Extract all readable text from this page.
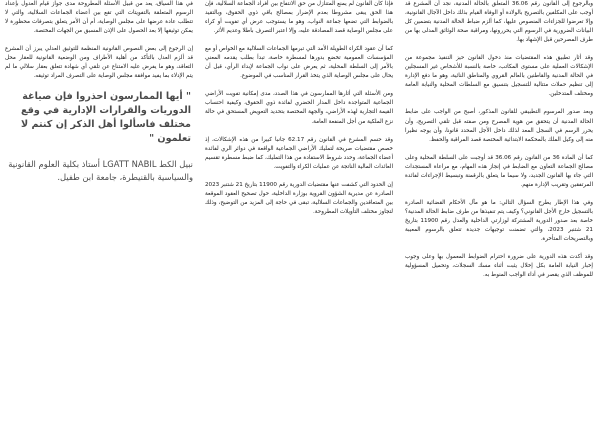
وبالرجوع إلى القانون رقم 36.06 المتعلق بالحالة المدنية، نجد أن المشرع قد أوجب على المكلفين بالتصريح بالولادة أو الوفاة القيام بذلك داخل الآجال القانونية، وإلا تعرضوا للجزاءات المنصوص عليها، كما ألزم ضباط الحالة المدنية بتضمين كل البيانات الضرورية في الرسوم التي يحررونها، ومراقبة صحة الوثائق المدلى بها من طرف المصرحين قبل الإشهاد بها.

وقد أثار تطبيق هذه المقتضيات منذ دخول القانون حيز التنفيذ مجموعة من الإشكالات العملية على مستوى المكاتب، خاصة بالنسبة للأشخاص غير المسجلين في الحالة المدنية والقاطنين بالعالم القروي والمناطق النائية، وهو ما دفع الإدارة إلى تنظيم حملات متتالية للتسجيل بتنسيق مع السلطات المحلية والنيابة العامة ومختلف المتدخلين.

وبعد صدور المرسوم التطبيقي للقانون المذكور، أصبح من الواجب على ضابط الحالة المدنية أن يتحقق من هوية المصرح ومن صفته قبل تلقي التصريح، وأن يحرر الرسم في السجل المعد لذلك داخل الأجل المحدد قانونا، وأن يوجه نظيرا منه إلى وكيل الملك بالمحكمة الابتدائية المختصة قصد المراقبة والحفظ.

كما أن المادة 36 من القانون رقم 36.06 قد أوجبت على السلطة المحلية وعلى مصالح الجماعة التعاون مع الضابط في إنجاز هذه المهام، مع مراعاة المستجدات التي جاء بها القانون الجديد، ولا سيما ما يتعلق بالرقمنة وتبسيط الإجراءات لفائدة المرتفقين وتقريب الإدارة منهم.

وفي هذا الإطار يطرح السؤال التالي: ما هو مآل الأحكام القضائية الصادرة بالتسجيل خارج الأجل القانوني؟ وكيف يتم تنفيذها من طرف ضابط الحالة المدنية؟ خاصة بعد صدور الدورية المشتركة لوزارتي الداخلية والعدل رقم 11900 بتاريخ 21 شتنبر 2023، والتي تضمنت توجيهات جديدة تتعلق بالرسوم المعيبة وبالتصريحات المتأخرة.

وقد أكدت هذه الدورية على ضرورة احترام الضوابط المعمول بها وعلى وجوب إخبار النيابة العامة بكل إخلال يثبت أثناء مسك السجلات، وتحميل المسؤولية للموظف الذي يقصر في أداء الواجب المنوط به.

فإذا كان القانون لم يمنع المتنازل من حق الانتفاع بين أفراد الجماعة السلالية، فإن هذا الحق يبقى مشروطا بعدم الإضرار بمصالح باقي ذوي الحقوق، وبالتقيد بالضوابط التي تضعها جماعة النواب، وهو ما يستوجب عرض أي تفويت أو كراء على مجلس الوصاية قصد المصادقة عليه، وإلا اعتبر التصرف باطلا وعديم الأثر.

كما أن عقود الكراء الطويلة الأمد التي تبرمها الجماعات السلالية مع الخواص أو مع المؤسسات العمومية تخضع بدورها لمسطرة خاصة، تبدأ بطلب يقدمه المعني بالأمر إلى السلطة المحلية، ثم يعرض على نواب الجماعة لإبداء الرأي، قبل أن يحال على مجلس الوصاية الذي يتخذ القرار المناسب في الموضوع.

ومن الأسئلة التي أثارها الممارسون في هذا الصدد، مدى إمكانية تفويت الأراضي الجماعية المتواجدة داخل المدار الحضري لفائدة ذوي الحقوق، وكيفية احتساب القيمة التجارية لهذه الأراضي، والجهة المختصة بتحديد التعويض المستحق في حالة نزع الملكية من أجل المنفعة العامة.

وقد حسم المشرع في القانون رقم 62.17 جانبا كبيرا من هذه الإشكالات، إذ خصص مقتضيات صريحة لتمليك الأراضي الجماعية الواقعة في دوائر الري لفائدة أعضاء الجماعة، وحدد شروط الاستفادة من هذا التمليك، كما ضبط مسطرة تقسيم العائدات المالية الناتجة عن عمليات الكراء والتفويت.

إن الحدود التي كشفت عنها مقتضيات الدورية رقم 11900 بتاريخ 21 شتنبر 2023 الصادرة عن مديرية الشؤون القروية بوزارة الداخلية، حول تصحيح العقود الموقعة بين المتعاقدين والجماعات السلالية، تبقى في حاجة إلى المزيد من التوضيح، وذلك لتجاوز مختلف التأويلات المطروحة.

في هذا السياق، يعد من قبيل الأسئلة المطروحة مدى جواز قيام العدول بإعداد الرسوم المتعلقة بالتفويتات التي تقع بين أعضاء الجماعات السلالية، والتي لا تتطلب عادة عرضها على مجلس الوصاية، أم أن الأمر يتعلق بتصرفات محظورة لا يمكن توثيقها إلا بعد الحصول على الإذن المسبق من الجهات المختصة.

إن الرجوع إلى بعض النصوص القانونية المنظمة للتوثيق العدلي يبرز أن المشرع قد ألزم العدل بالتأكد من أهلية الأطراف ومن الوضعية القانونية للعقار محل التعاقد، وهو ما يفرض عليه الامتناع عن تلقي أي شهادة تتعلق بعقار سلالي ما لم يتم الإدلاء بما يفيد موافقة مجلس الوصاية على التصرف المراد توثيقه.

" أيها الممارسون احذروا فإن صياغة الدوريات والقرارات الإدارية في وقع مختلف فاسألوا أهل الذكر إن كنتم لا تعلمون "
نبيل الكط LGATT NABIL أستاذ بكلية العلوم القانونية والسياسية بالقنيطرة، جامعة ابن طفيل.
